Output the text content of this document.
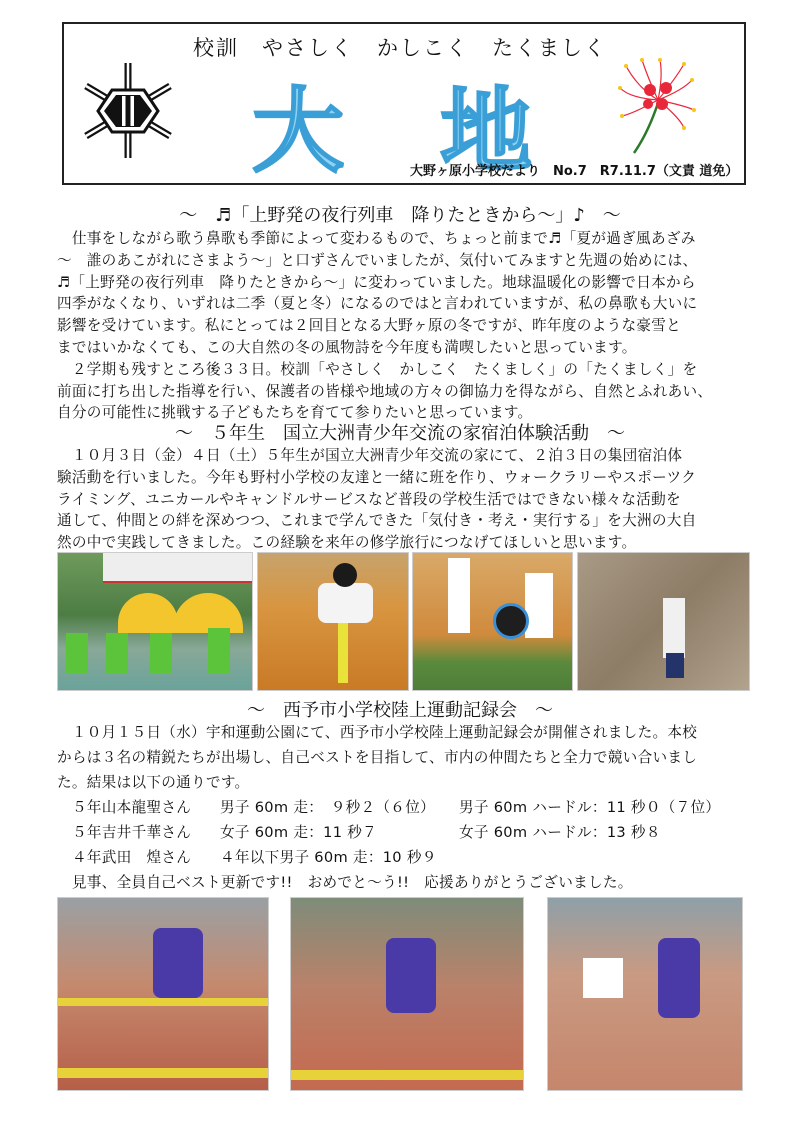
校訓　やさしく　かしこく　たくましく
大 地
大野ヶ原小学校だより　No.7　R7.11.7（文責 道免）
～　♬「上野発の夜行列車　降りたときから～」♪　～
　仕事をしながら歌う鼻歌も季節によって変わるもので、ちょっと前まで♬「夏が過ぎ風あざみ
～　誰のあこがれにさまよう～」と口ずさんでいましたが、気付いてみますと先週の始めには、
♬「上野発の夜行列車　降りたときから～」に変わっていました。地球温暖化の影響で日本から
四季がなくなり、いずれは二季（夏と冬）になるのではと言われていますが、私の鼻歌も大いに
影響を受けています。私にとっては２回目となる大野ヶ原の冬ですが、昨年度のような豪雪と
まではいかなくても、この大自然の冬の風物詩を今年度も満喫したいと思っています。
　２学期も残すところ後３３日。校訓「やさしく　かしこく　たくましく」の「たくましく」を
前面に打ち出した指導を行い、保護者の皆様や地域の方々の御協力を得ながら、自然とふれあい、
自分の可能性に挑戦する子どもたちを育てて参りたいと思っています。
～　５年生　国立大洲青少年交流の家宿泊体験活動　～
　１０月３日（金）４日（土）５年生が国立大洲青少年交流の家にて、２泊３日の集団宿泊体
験活動を行いました。今年も野村小学校の友達と一緒に班を作り、ウォークラリーやスポーツク
ライミング、ユニカールやキャンドルサービスなど普段の学校生活ではできない様々な活動を
通して、仲間との絆を深めつつ、これまで学んできた「気付き・考え・実行する」を大洲の大自
然の中で実践してきました。この経験を来年の修学旅行につなげてほしいと思います。
～　西予市小学校陸上運動記録会　～
　１０月１５日（水）宇和運動公園にて、西予市小学校陸上運動記録会が開催されました。本校
からは３名の精鋭たちが出場し、自己ベストを目指して、市内の仲間たちと全力で競い合いまし
た。結果は以下の通りです。
５年山本龍聖さん 男子 60m 走：　９秒２（６位） 男子 60m ハードル：11 秒０（７位）
５年吉井千華さん 女子 60m 走：11 秒７	女子 60m ハードル：13 秒８
４年武田　煌さん ４年以下男子 60m 走：10 秒９
　見事、全員自己ベスト更新です!!　おめでと～う!!　応援ありがとうございました。
